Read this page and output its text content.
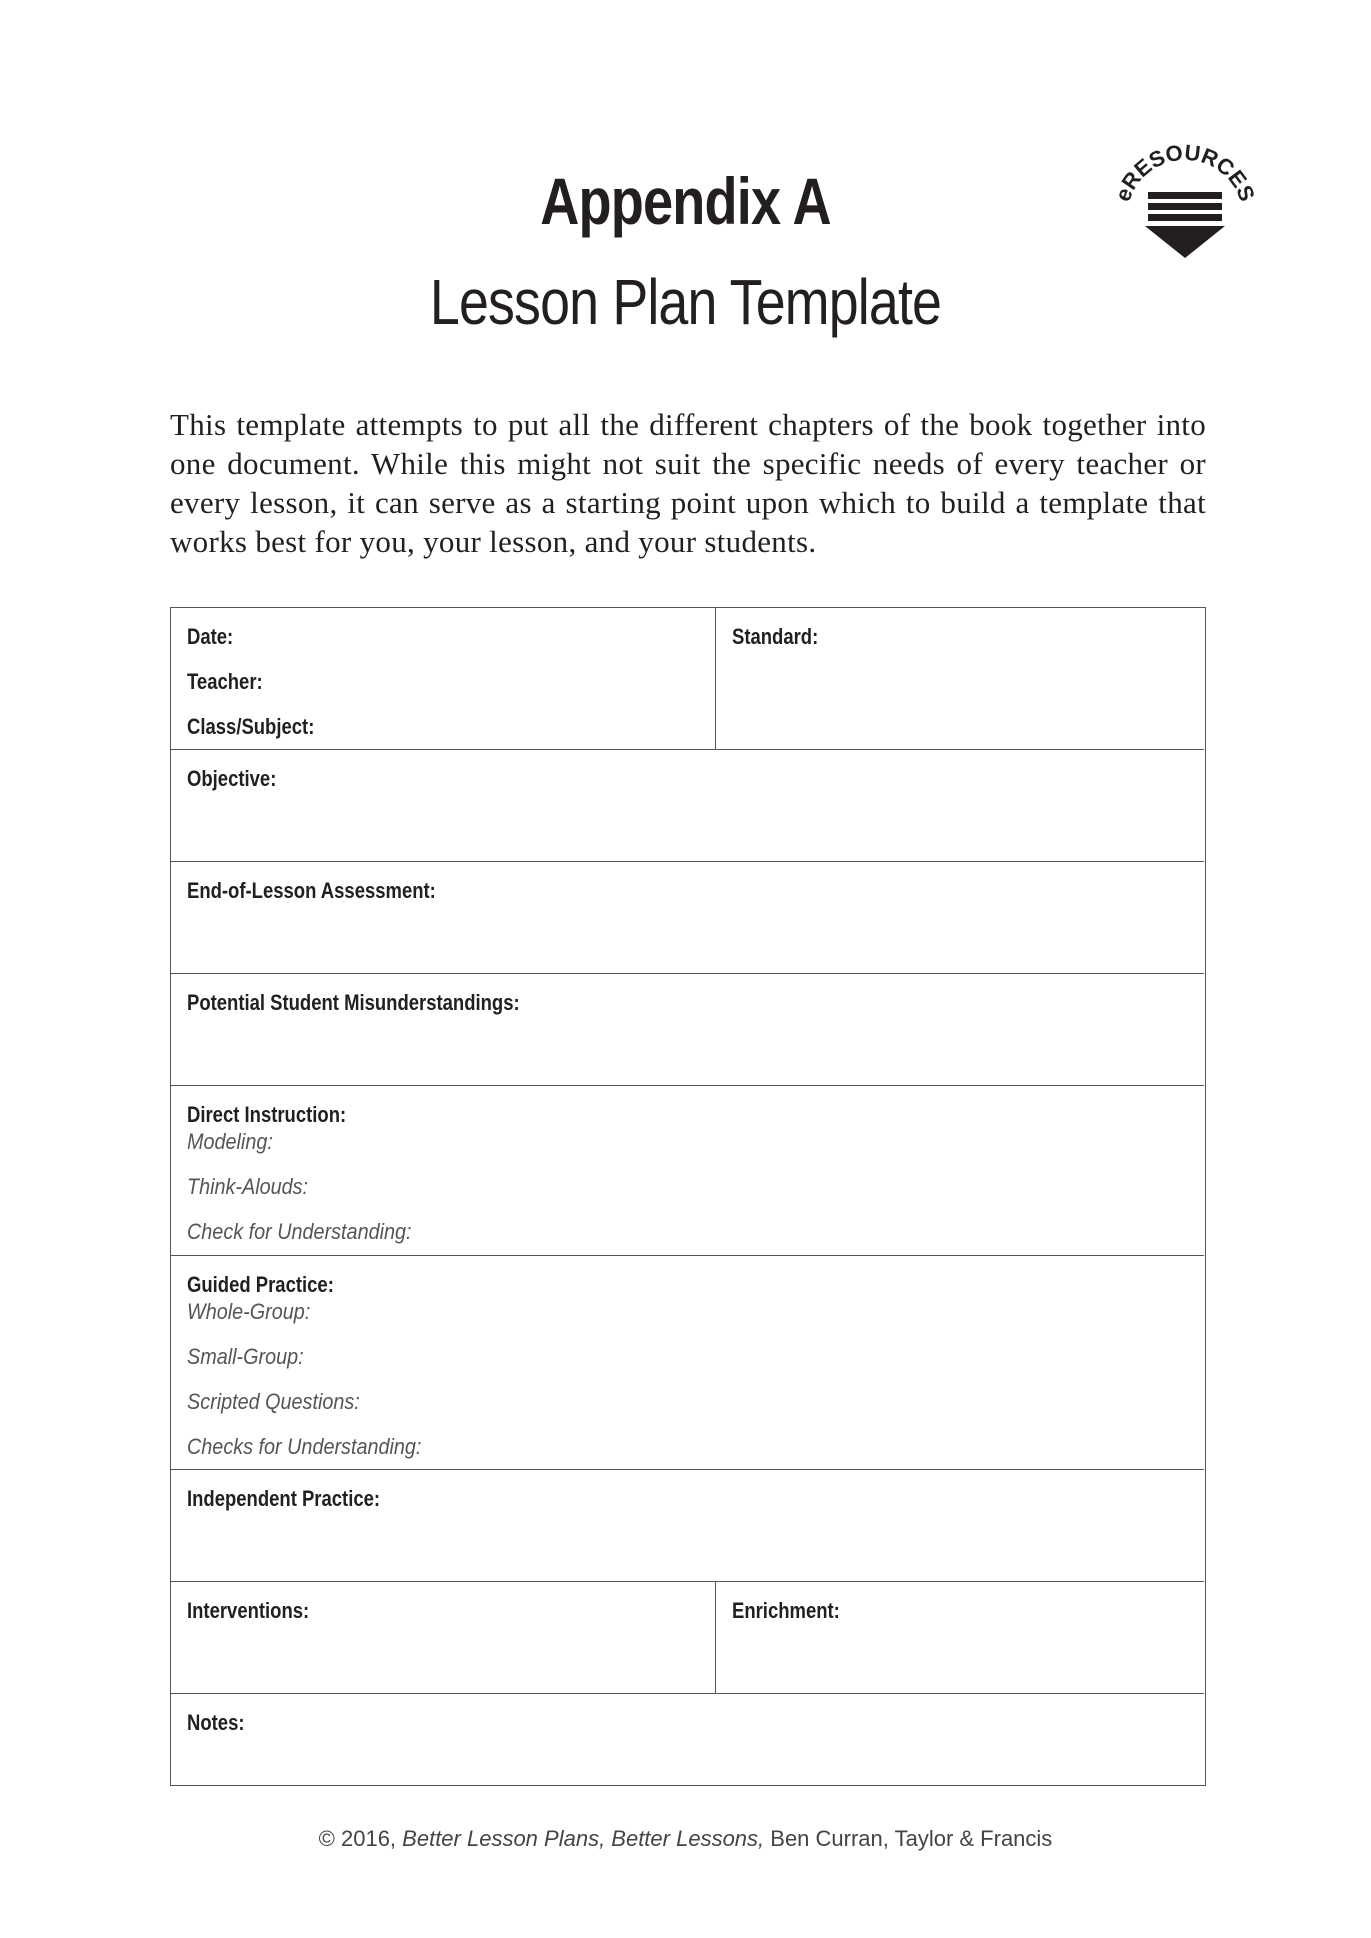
Appendix A
Lesson Plan Template
eRESOURCES

This template attempts to put all the different chapters of the book together into one document. While this might not suit the specific needs of every teacher or every lesson, it can serve as a starting point upon which to build a template that works best for you, your lesson, and your students.

Date:
Teacher:
Class/Subject:
Standard:
Objective:
End-of-Lesson Assessment:
Potential Student Misunderstandings:
Direct Instruction:
Modeling:
Think-Alouds:
Check for Understanding:
Guided Practice:
Whole-Group:
Small-Group:
Scripted Questions:
Checks for Understanding:
Independent Practice:
Interventions:	Enrichment:
Notes:
© 2016, Better Lesson Plans, Better Lessons, Ben Curran, Taylor & Francis
